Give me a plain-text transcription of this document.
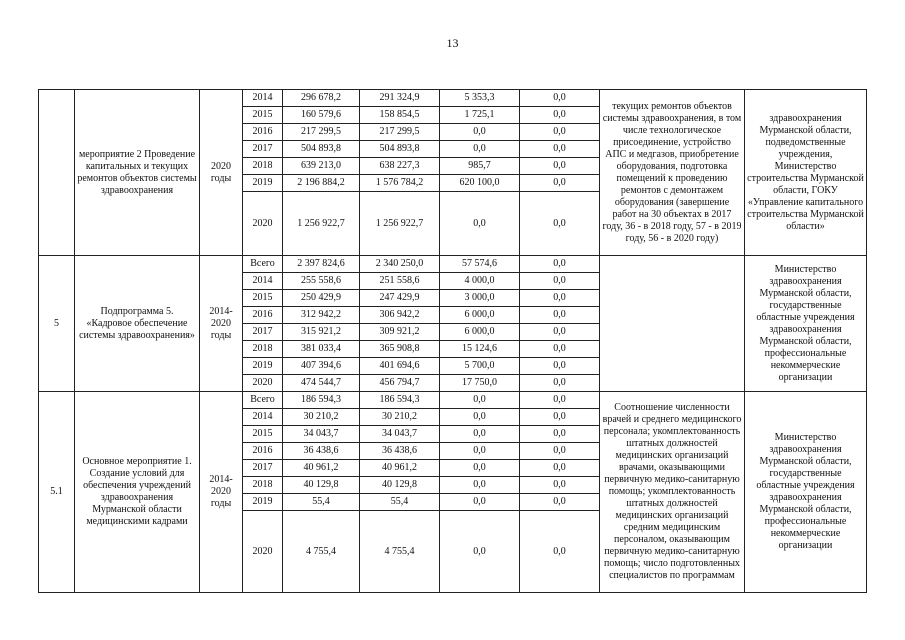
13
	мероприятие 2 Проведение капитальных и текущих ремонтов объектов системы здравоохранения	2020 годы	2014	296 678,2	291 324,9	5 353,3	0,0	текущих ремонтов объектов системы здравоохранения, в том числе технологическое присоединение, устройство АПС и медгазов, приобретение оборудования, подготовка помещений к проведению ремонтов с демонтажем оборудования (завершение работ на 30 объектах в 2017 году, 36 - в 2018 году, 57 - в 2019 году, 56 - в 2020 году)	здравоохранения Мурманской области, подведомственные учреждения, Министерство строительства Мурманской области, ГОКУ «Управление капитального строительства Мурманской области»
			2015	160 579,6	158 854,5	1 725,1	0,0		
			2016	217 299,5	217 299,5	0,0	0,0		
			2017	504 893,8	504 893,8	0,0	0,0		
			2018	639 213,0	638 227,3	985,7	0,0		
			2019	2 196 884,2	1 576 784,2	620 100,0	0,0		
			2020	1 256 922,7	1 256 922,7	0,0	0,0		
5	Подпрограмма 5. «Кадровое обеспечение системы здравоохранения»	2014-2020 годы	Всего	2 397 824,6	2 340 250,0	57 574,6	0,0		Министерство здравоохранения Мурманской области, государственные областные учреждения здравоохранения Мурманской области, профессиональные некоммерческие организации
			2014	255 558,6	251 558,6	4 000,0	0,0		
			2015	250 429,9	247 429,9	3 000,0	0,0		
			2016	312 942,2	306 942,2	6 000,0	0,0		
			2017	315 921,2	309 921,2	6 000,0	0,0		
			2018	381 033,4	365 908,8	15 124,6	0,0		
			2019	407 394,6	401 694,6	5 700,0	0,0		
			2020	474 544,7	456 794,7	17 750,0	0,0		
5.1	Основное мероприятие 1. Создание условий для обеспечения учреждений здравоохранения Мурманской области медицинскими кадрами	2014-2020 годы	Всего	186 594,3	186 594,3	0,0	0,0	Соотношение численности врачей и среднего медицинского персонала; укомплектованность штатных должностей медицинских организаций врачами, оказывающими первичную медико-санитарную помощь; укомплектованность штатных должностей медицинских организаций средним медицинским персоналом, оказывающим первичную медико-санитарную помощь; число подготовленных специалистов по программам	Министерство здравоохранения Мурманской области, государственные областные учреждения здравоохранения Мурманской области, профессиональные некоммерческие организации
			2014	30 210,2	30 210,2	0,0	0,0		
			2015	34 043,7	34 043,7	0,0	0,0		
			2016	36 438,6	36 438,6	0,0	0,0		
			2017	40 961,2	40 961,2	0,0	0,0		
			2018	40 129,8	40 129,8	0,0	0,0		
			2019	55,4	55,4	0,0	0,0		
			2020	4 755,4	4 755,4	0,0	0,0		
